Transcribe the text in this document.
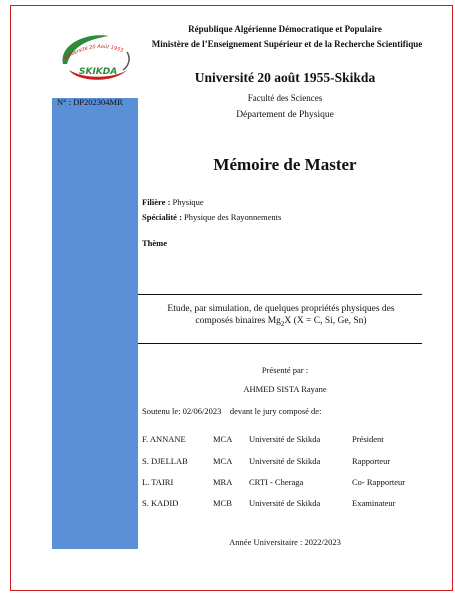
Université 20 Août 1955
SKIKDA
République Algérienne Démocratique et Populaire
Ministère de l’Enseignement Supérieur et de la Recherche Scientifique
Université 20 août 1955-Skikda
Faculté des Sciences
Département de Physique
N° : DP202304MR
Mémoire de Master
Filière : Physique
Spécialité : Physique des Rayonnements
Thème
Etude, par simulation, de quelques propriétés physiques des
composés binaires $Mg_2X$ (X = C, Si, Ge, Sn)
Présenté par :
AHMED SISTA Rayane
Soutenu le: 02/06/2023 devant le jury composé de:
F. ANNANE	MCA Université de Skikda	Président
S. DJELLAB	MCA Université de Skikda	Rapporteur
L. TAIRI	MRA CRTI - Cheraga	Co- Rapporteur
S. KADID	MCB Université de Skikda	Examinateur
Année Universitaire : 2022/2023
